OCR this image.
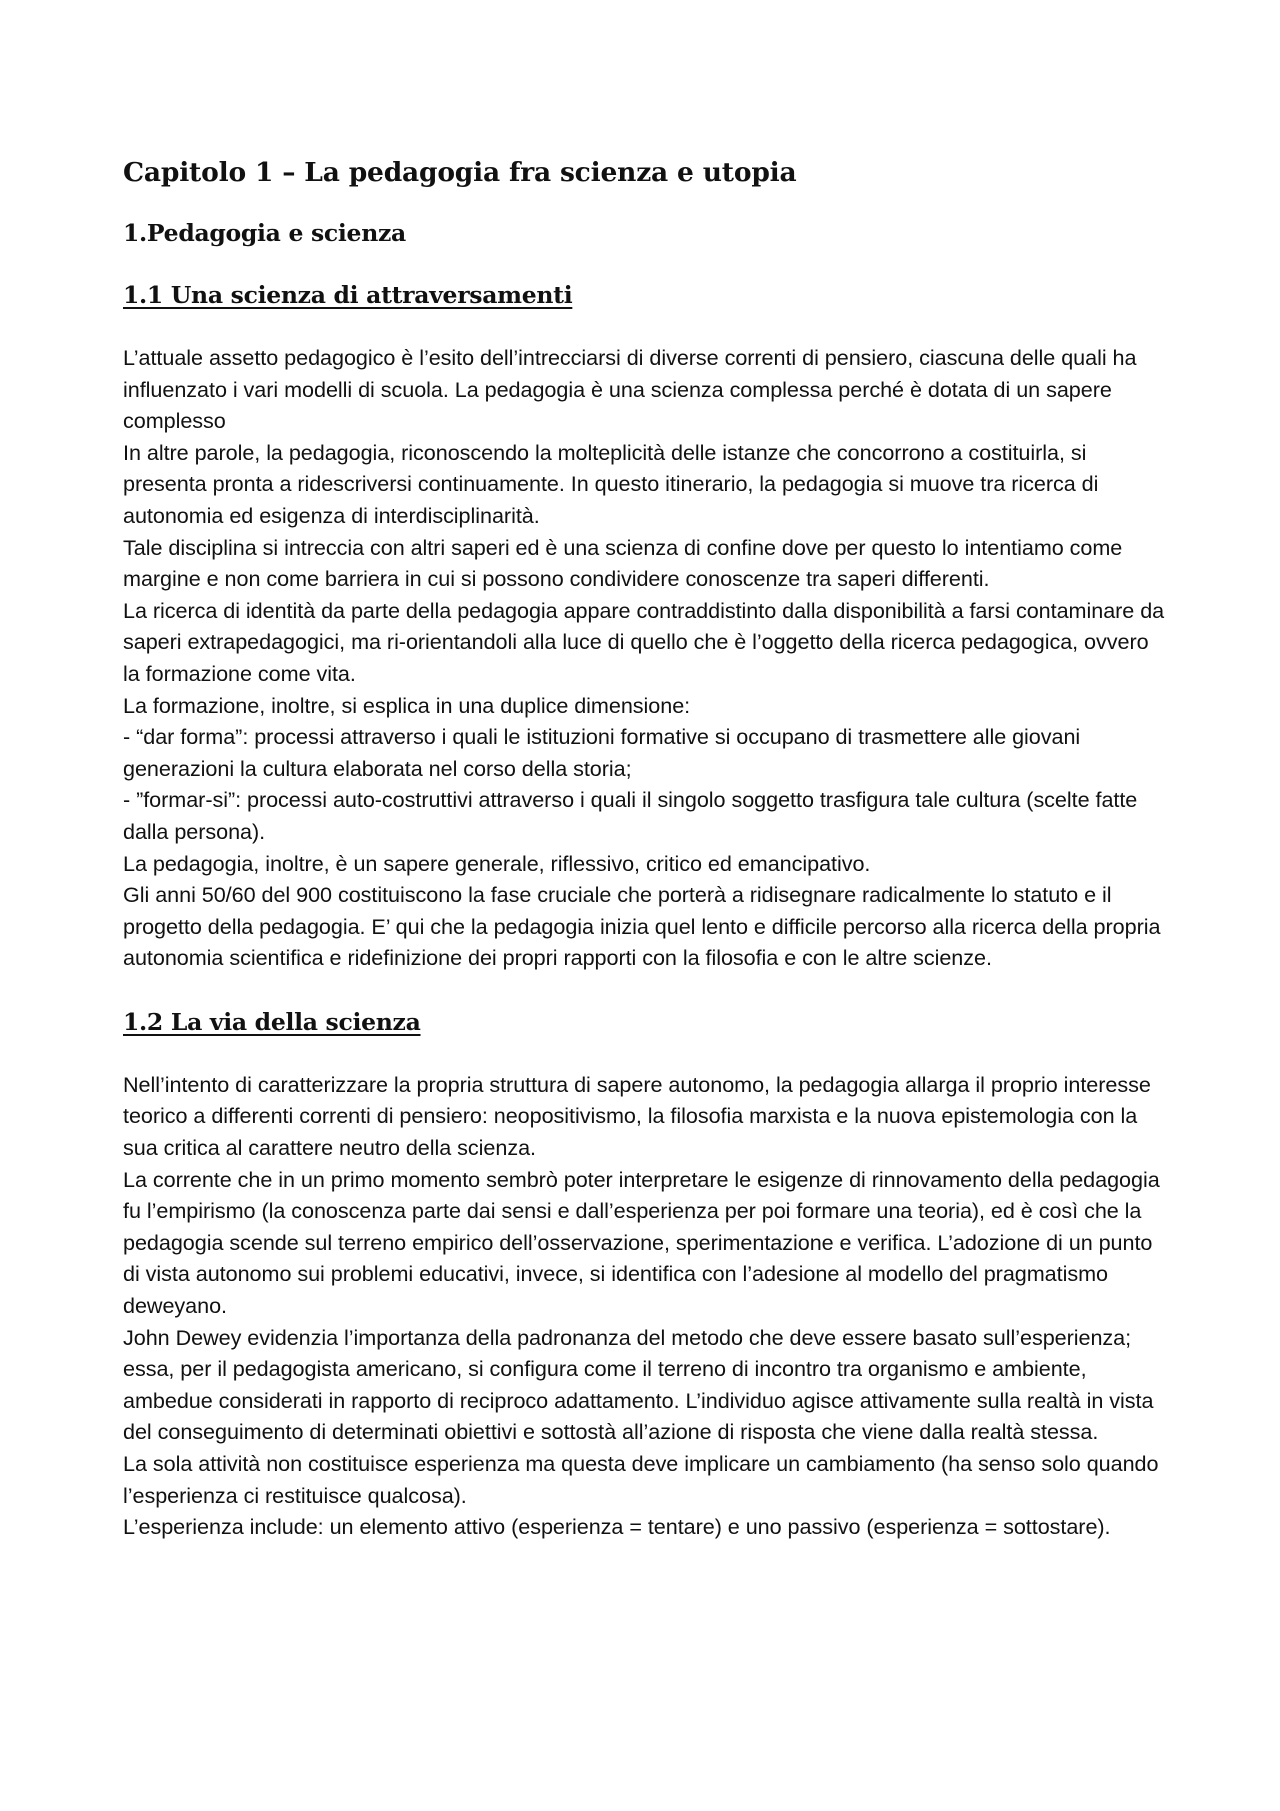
Capitolo 1 – La pedagogia fra scienza e utopia
1.Pedagogia e scienza
1.1 Una scienza di attraversamenti

L’attuale assetto pedagogico è l’esito dell’intrecciarsi di diverse correnti di pensiero, ciascuna delle quali ha influenzato i vari modelli di scuola. La pedagogia è una scienza complessa perché è dotata di un sapere complesso

In altre parole, la pedagogia, riconoscendo la molteplicità delle istanze che concorrono a costituirla, si presenta pronta a ridescriversi continuamente. In questo itinerario, la pedagogia si muove tra ricerca di autonomia ed esigenza di interdisciplinarità.

Tale disciplina si intreccia con altri saperi ed è una scienza di confine dove per questo lo intentiamo come margine e non come barriera in cui si possono condividere conoscenze tra saperi differenti.

La ricerca di identità da parte della pedagogia appare contraddistinto dalla disponibilità a farsi contaminare da saperi extrapedagogici, ma ri-orientandoli alla luce di quello che è l’oggetto della ricerca pedagogica, ovvero la formazione come vita.

La formazione, inoltre, si esplica in una duplice dimensione:

- “dar forma”: processi attraverso i quali le istituzioni formative si occupano di trasmettere alle giovani generazioni la cultura elaborata nel corso della storia;

- ”formar-si”: processi auto-costruttivi attraverso i quali il singolo soggetto trasfigura tale cultura (scelte fatte dalla persona).

La pedagogia, inoltre, è un sapere generale, riflessivo, critico ed emancipativo.

Gli anni 50/60 del 900 costituiscono la fase cruciale che porterà a ridisegnare radicalmente lo statuto e il progetto della pedagogia. E’ qui che la pedagogia inizia quel lento e difficile percorso alla ricerca della propria autonomia scientifica e ridefinizione dei propri rapporti con la filosofia e con le altre scienze.

1.2 La via della scienza

Nell’intento di caratterizzare la propria struttura di sapere autonomo, la pedagogia allarga il proprio interesse teorico a differenti correnti di pensiero: neopositivismo, la filosofia marxista e la nuova epistemologia con la sua critica al carattere neutro della scienza.

La corrente che in un primo momento sembrò poter interpretare le esigenze di rinnovamento della pedagogia fu l’empirismo (la conoscenza parte dai sensi e dall’esperienza per poi formare una teoria), ed è così che la pedagogia scende sul terreno empirico dell’osservazione, sperimentazione e verifica. L’adozione di un punto di vista autonomo sui problemi educativi, invece, si identifica con l’adesione al modello del pragmatismo deweyano.

John Dewey evidenzia l’importanza della padronanza del metodo che deve essere basato sull’esperienza; essa, per il pedagogista americano, si configura come il terreno di incontro tra organismo e ambiente, ambedue considerati in rapporto di reciproco adattamento. L’individuo agisce attivamente sulla realtà in vista del conseguimento di determinati obiettivi e sottostà all’azione di risposta che viene dalla realtà stessa.

La sola attività non costituisce esperienza ma questa deve implicare un cambiamento (ha senso solo quando l’esperienza ci restituisce qualcosa).

L’esperienza include: un elemento attivo (esperienza = tentare) e uno passivo (esperienza = sottostare).
